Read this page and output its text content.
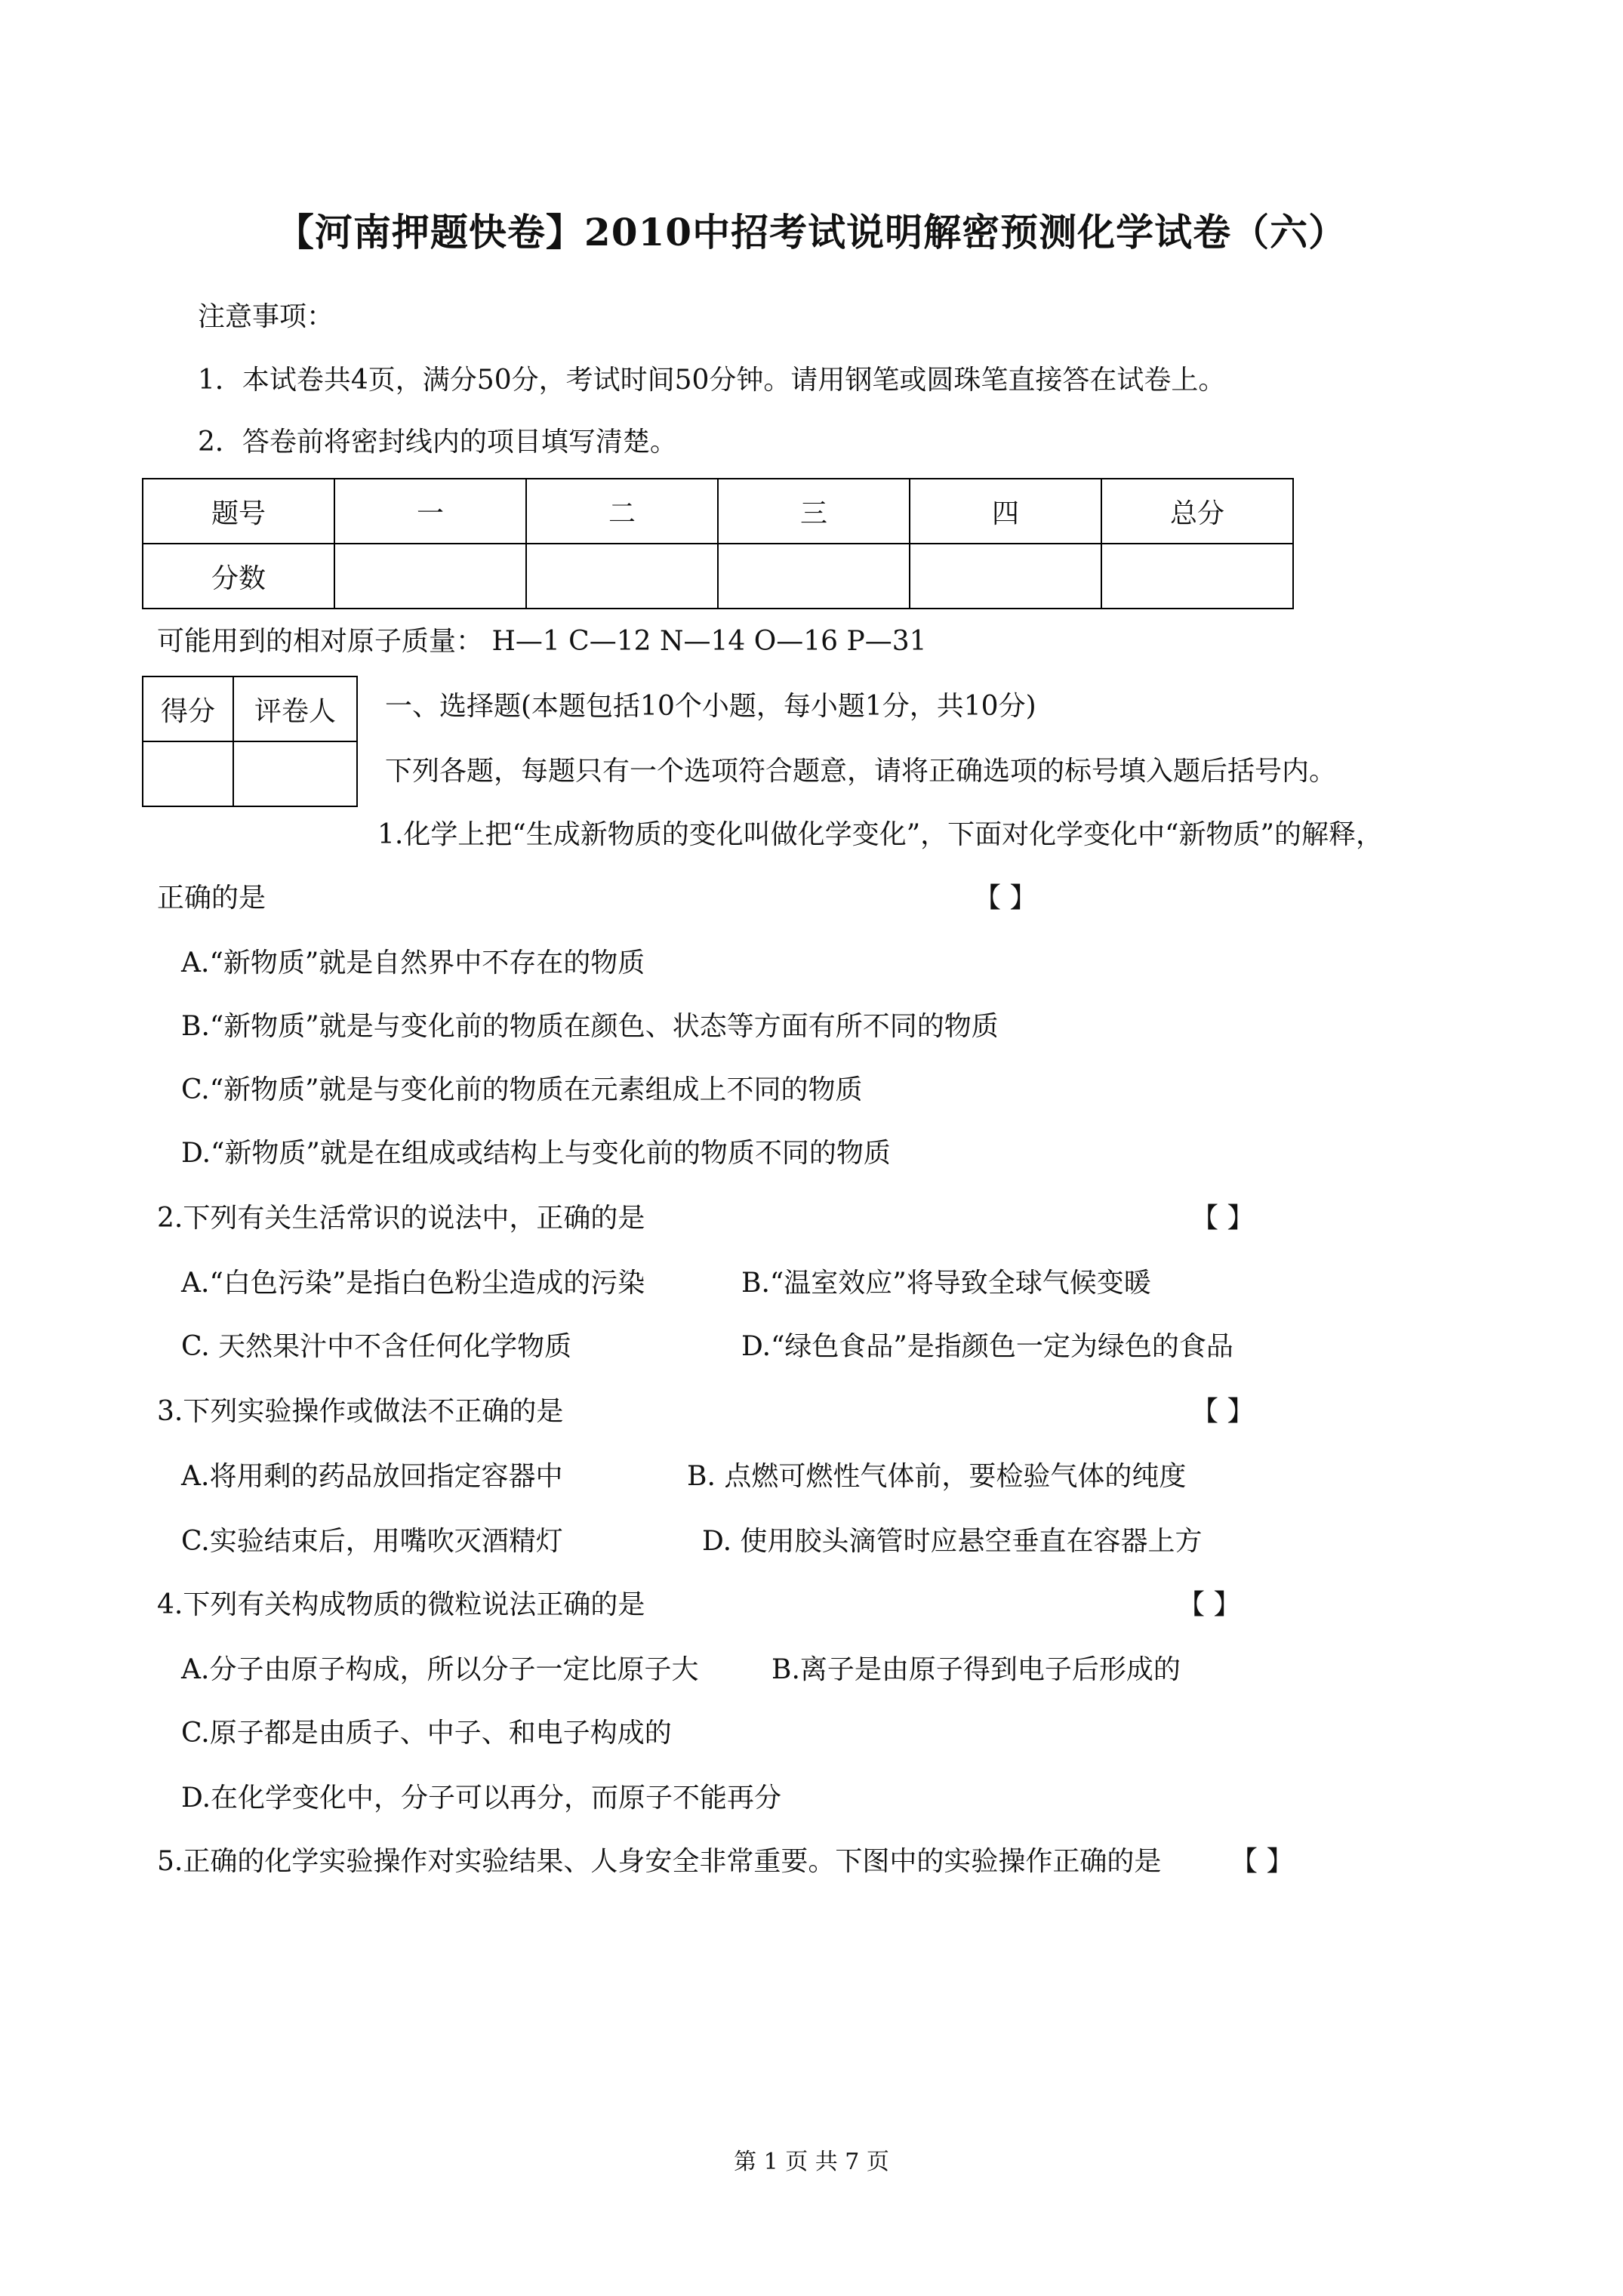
【河南押题快卷】2010中招考试说明解密预测化学试卷（六）
注意事项：
1．本试卷共4页，满分50分，考试时间50分钟。请用钢笔或圆珠笔直接答在试卷上。
2．答卷前将密封线内的项目填写清楚。
题号	一	二	三	四	总分
分数					
可能用到的相对原子质量： H—1 C—12 N—14 O—16 P—31
得分	评卷人
	一、选择题(本题包括10个小题，每小题1分，共10分)
下列各题，每题只有一个选项符合题意，请将正确选项的标号填入题后括号内。
1.化学上把“生成新物质的变化叫做化学变化”，下面对化学变化中“新物质”的解释，
正确的是	【 】
A.“新物质”就是自然界中不存在的物质
B.“新物质”就是与变化前的物质在颜色、状态等方面有所不同的物质
C.“新物质”就是与变化前的物质在元素组成上不同的物质
D.“新物质”就是在组成或结构上与变化前的物质不同的物质
2.下列有关生活常识的说法中，正确的是	【 】
A.“白色污染”是指白色粉尘造成的污染	B.“温室效应”将导致全球气候变暖
C. 天然果汁中不含任何化学物质	D.“绿色食品”是指颜色一定为绿色的食品
3.下列实验操作或做法不正确的是	【 】
A.将用剩的药品放回指定容器中	B. 点燃可燃性气体前，要检验气体的纯度
C.实验结束后，用嘴吹灭酒精灯	D. 使用胶头滴管时应悬空垂直在容器上方
4.下列有关构成物质的微粒说法正确的是	【 】
A.分子由原子构成，所以分子一定比原子大	B.离子是由原子得到电子后形成的
C.原子都是由质子、中子、和电子构成的
D.在化学变化中，分子可以再分，而原子不能再分
5.正确的化学实验操作对实验结果、人身安全非常重要。下图中的实验操作正确的是	【 】
第 1 页 共 7 页
